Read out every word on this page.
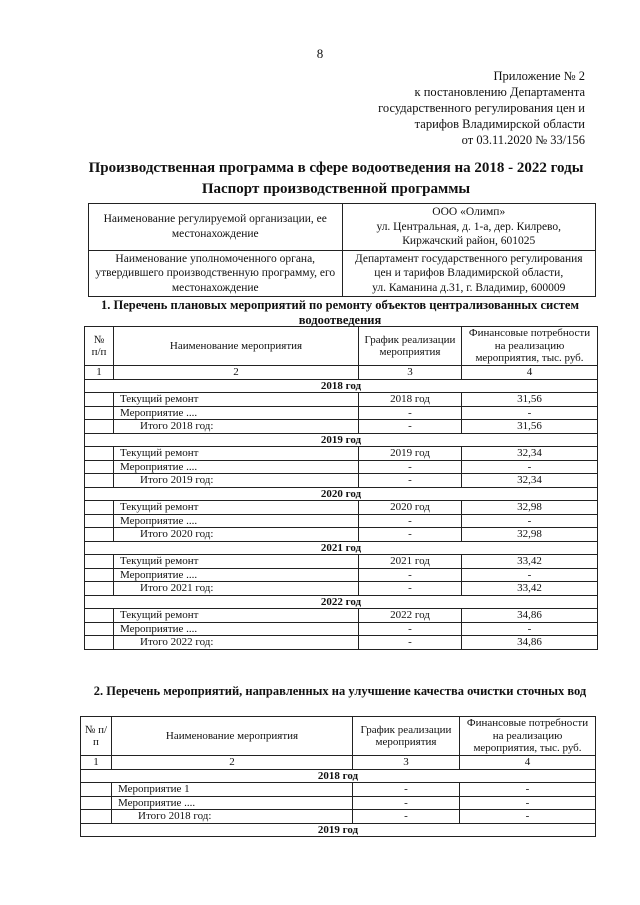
8
Приложение № 2
к постановлению Департамента
государственного регулирования цен и
тарифов Владимирской области
от 03.11.2020 № 33/156
Производственная программа в сфере водоотведения на 2018 - 2022 годы
Паспорт производственной программы
Наименование регулируемой организации, ее местонахождение	ООО «Олимп»
ул. Центральная, д. 1-а, дер. Килрево,
Киржачский район, 601025

Наименование уполномоченного органа, утвердившего производственную программу, его местонахождение	Департамент государственного регулирования
цен и тарифов Владимирской области,
ул. Каманина д.31, г. Владимир, 600009
1. Перечень плановых мероприятий по ремонту объектов централизованных систем водоотведения
№ п/п	Наименование мероприятия	График реализации мероприятия	Финансовые потребности на реализацию мероприятия, тыс. руб.
1	2	3	4
2018 год			
	Текущий ремонт	2018 год	31,56
	Мероприятие ....	-	-
	Итого 2018 год:	-	31,56
2019 год			
	Текущий ремонт	2019 год	32,34
	Мероприятие ....	-	-
	Итого 2019 год:	-	32,34
2020 год			
	Текущий ремонт	2020 год	32,98
	Мероприятие ....	-	-
	Итого 2020 год:	-	32,98
2021 год			
	Текущий ремонт	2021 год	33,42
	Мероприятие ....	-	-
	Итого 2021 год:	-	33,42
2022 год			
	Текущий ремонт	2022 год	34,86
	Мероприятие ....	-	-
	Итого 2022 год:	-	34,86
2. Перечень мероприятий, направленных на улучшение качества очистки сточных вод
№ п/п	Наименование мероприятия	График реализации мероприятия	Финансовые потребности на реализацию мероприятия, тыс. руб.
1	2	3	4
2018 год			
	Мероприятие 1	-	-
	Мероприятие ....	-	-
	Итого 2018 год:	-	-
2019 год			
